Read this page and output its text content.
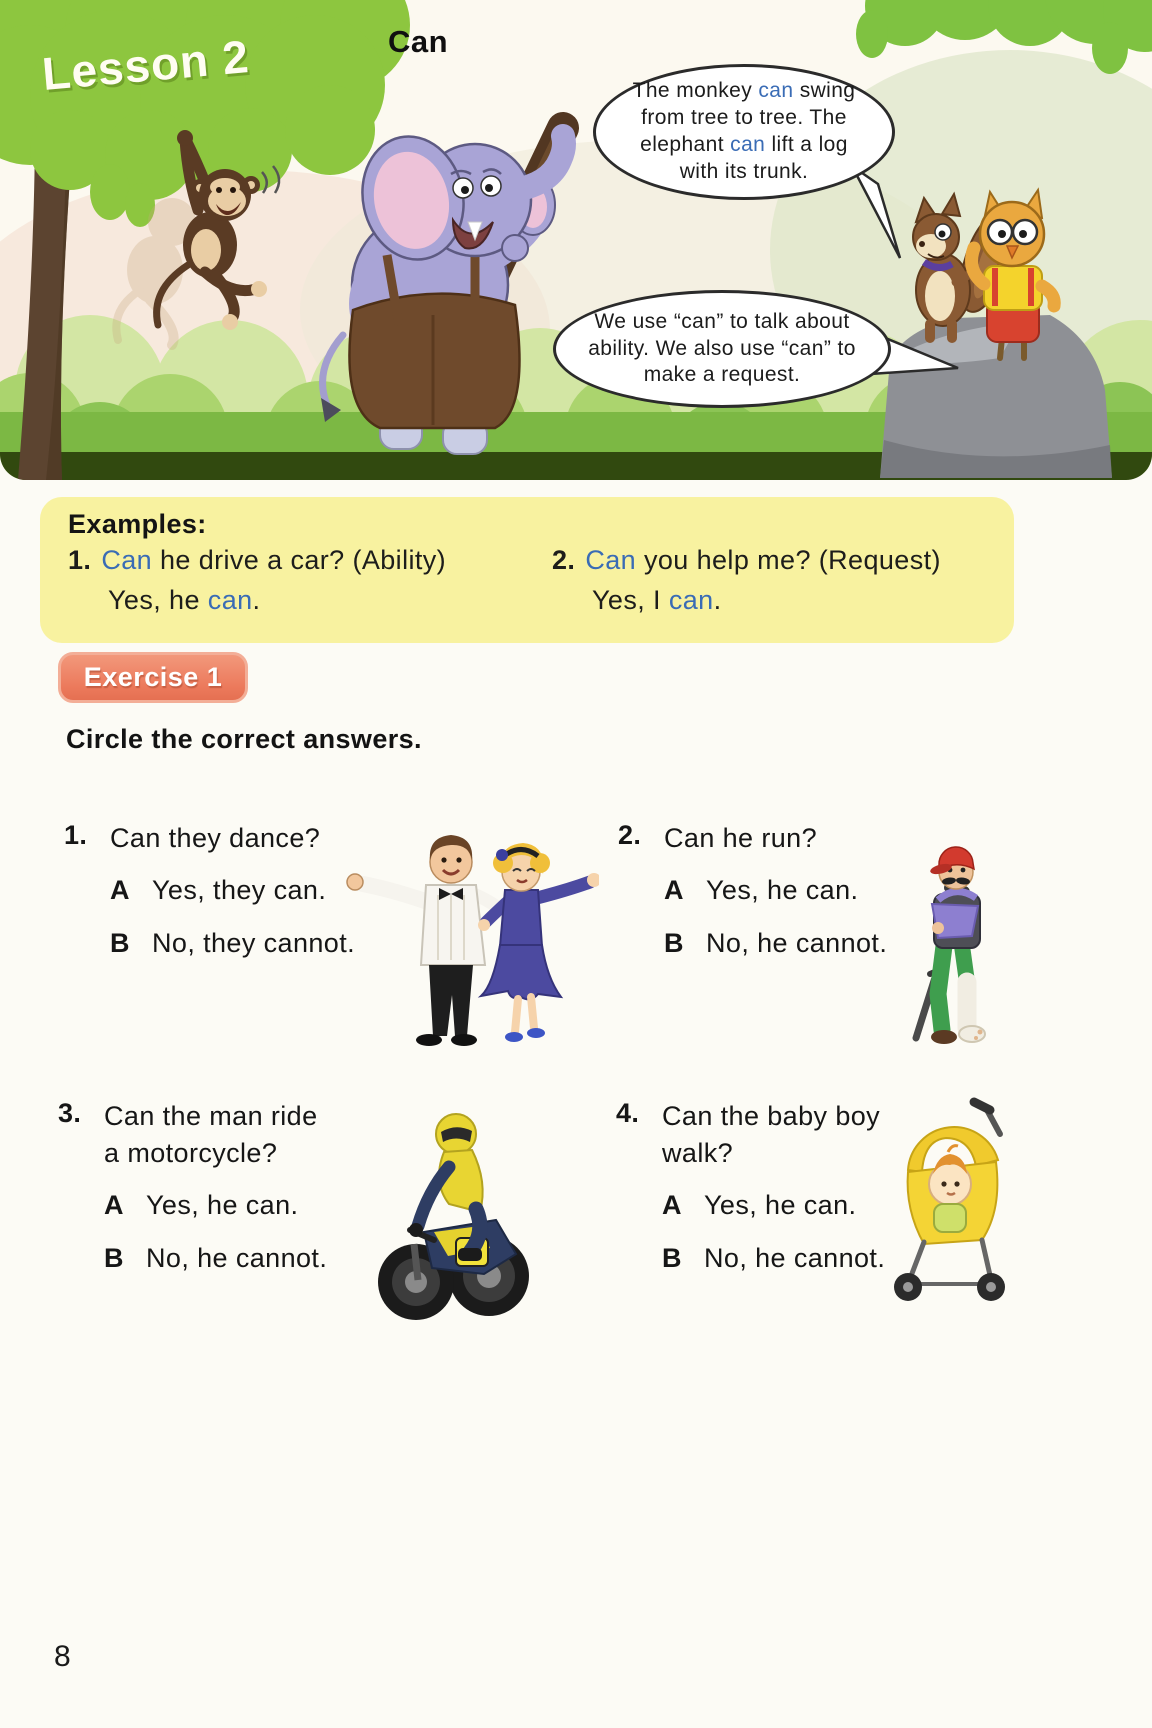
Lesson 2	Can

The monkey can swing from tree to tree. The elephant can lift a log with its trunk.

We use “can” to talk about ability. We also use “can” to make a request.

Examples:
1. Can he drive a car? (Ability)
Yes, he can.
2. Can you help me? (Request)
Yes, I can.
Exercise 1
Circle the correct answers.
1. Can they dance?
A Yes, they can.
B No, they cannot.
2. Can he run?
A Yes, he can.
B No, he cannot.
3. Can the man ride
a motorcycle?
A Yes, he can.
B No, he cannot.
4. Can the baby boy
walk?
A Yes, he can.
B No, he cannot.
8
